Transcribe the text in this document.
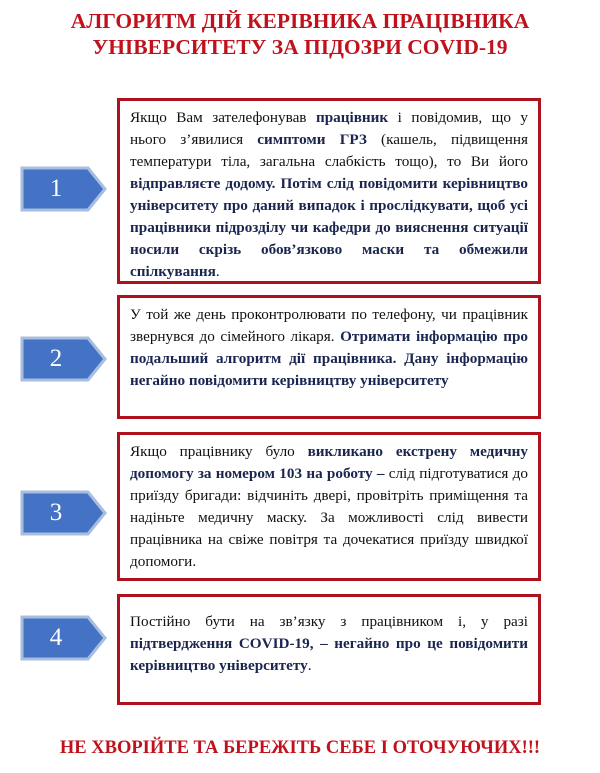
АЛГОРИТМ ДІЙ КЕРІВНИКА ПРАЦІВНИКА
УНІВЕРСИТЕТУ ЗА ПІДОЗРИ COVID-19
1
Якщо Вам зателефонував працівник і повідомив, що у нього з’явилися симптоми ГРЗ (кашель, підвищення температури тіла, загальна слабкість тощо), то Ви його відправляєте додому. Потім слід повідомити керівництво університету про даний випадок і прослідкувати, щоб усі працівники підрозділу чи кафедри до вияснення ситуації носили скрізь обов’язково маски та обмежили спілкування.
2
У той же день проконтролювати по телефону, чи працівник звернувся до сімейного лікаря. Отримати інформацію про подальший алгоритм дії працівника. Дану інформацію негайно повідомити керівництву університету
3
Якщо працівнику було викликано екстрену медичну допомогу за номером 103 на роботу – слід підготуватися до приїзду бригади: відчиніть двері, провітріть приміщення та надіньте медичну маску. За можливості слід вивести працівника на свіже повітря та дочекатися приїзду швидкої допомоги.
4
Постійно бути на зв’язку з працівником і, у разі підтвердження COVID-19, – негайно про це повідомити керівництво університету.
НЕ ХВОРІЙТЕ ТА БЕРЕЖІТЬ СЕБЕ І ОТОЧУЮЧИХ!!!
